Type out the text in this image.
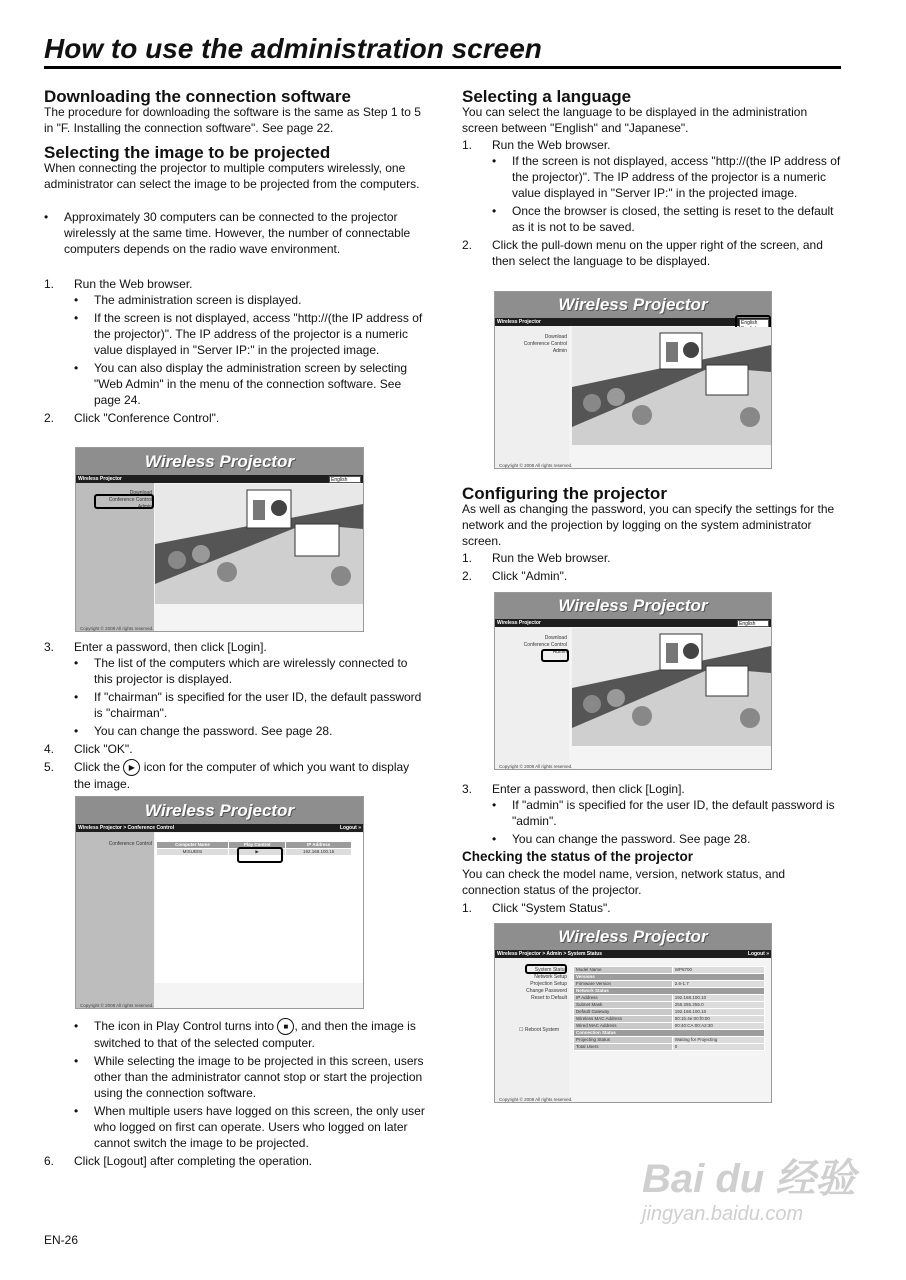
How to use the administration screen
Downloading the connection software
The procedure for downloading the software is the same as Step 1 to 5 in "F. Installing the connection software". See page 22.
Selecting the image to be projected
When connecting the projector to multiple computers wirelessly, one administrator can select the image to be projected from the computers.
•	Approximately 30 computers can be connected to the projector wirelessly at the same time. However, the number of connectable computers depends on the radio wave environment.
1.	Run the Web browser.
•	The administration screen is displayed.
•	If the screen is not displayed, access "http://(the IP address of the projector)". The IP address of the projector is a numeric value displayed in "Server IP:" in the projected image.
•	You can also display the administration screen by selecting "Web Admin" in the menu of the connection software. See page 24.
2.	Click "Conference Control".
Wireless Projector
Wireless Projector	English
Download
Conference Control
Admin
Copyright © 2008 All rights reserved.
3.	Enter a password, then click [Login].
•	The list of the computers which are wirelessly connected to this projector is displayed.
•	If "chairman" is specified for the user ID, the default password is "chairman".
•	You can change the password. See page 28.
4.	Click "OK".
5.	Click the ▶ icon for the computer of which you want to display the image.
Wireless Projector
Wireless Projector > Conference Control	Logout »
Conference Control	Computer Name	Play Control	IP Address
MISUBISI	▶	192.168.100.15
Copyright © 2008 All rights reserved.
•	The icon in Play Control turns into ■ , and then the image is switched to that of the selected computer.
•	While selecting the image to be projected in this screen, users other than the administrator cannot stop or start the projection using the connection software.
•	When multiple users have logged on this screen, the only user who logged on first can operate. Users who logged on later cannot switch the image to be projected.
6.	Click [Logout] after completing the operation.
Selecting a language
You can select the language to be displayed in the administration screen between "English" and "Japanese".
1.	Run the Web browser.
•	If the screen is not displayed, access "http://(the IP address of the projector)". The IP address of the projector is a numeric value displayed in "Server IP:" in the projected image.
•	Once the browser is closed, the setting is reset to the default as it is not to be saved.
2.	Click the pull-down menu on the upper right of the screen, and then select the language to be displayed.
Wireless Projector
Wireless Projector
Download
Conference Control
Admin
English
Copyright © 2008 All rights reserved.
Configuring the projector
As well as changing the password, you can specify the settings for the network and the projection by logging on the system administrator screen.
1.	Run the Web browser.
2.	Click "Admin".
Wireless Projector
Wireless Projector	English
Download
Conference Control
Admin
Copyright © 2008 All rights reserved.
3.	Enter a password, then click [Login].
•	If "admin" is specified for the user ID, the default password is "admin".
•	You can change the password. See page 28.
Checking the status of the projector
You can check the model name, version, network status, and connection status of the projector.
1.	Click "System Status".
Wireless Projector
Wireless Projector > Admin > System Status	Logout »
System Status
Network Setup
Projection Setup
Change Password
Reset to Default
☐ Reboot System
Model Name	WP8700
Versions	
Firmware Version	2.6-1.7
Network Status	
IP Address	192.168.100.10
Subnet Mask	255.255.255.0
Default Gateway	192.168.100.10
Wireless MAC Address	00:1b:4e:00:f0:00
Wired MAC Address	00:40:CA:00:A2:30
Connection Status	
Projecting Status	Waiting for Projecting
Total Users	0
Copyright © 2008 All rights reserved.
EN-26
Bai du 经验
jingyan.baidu.com
